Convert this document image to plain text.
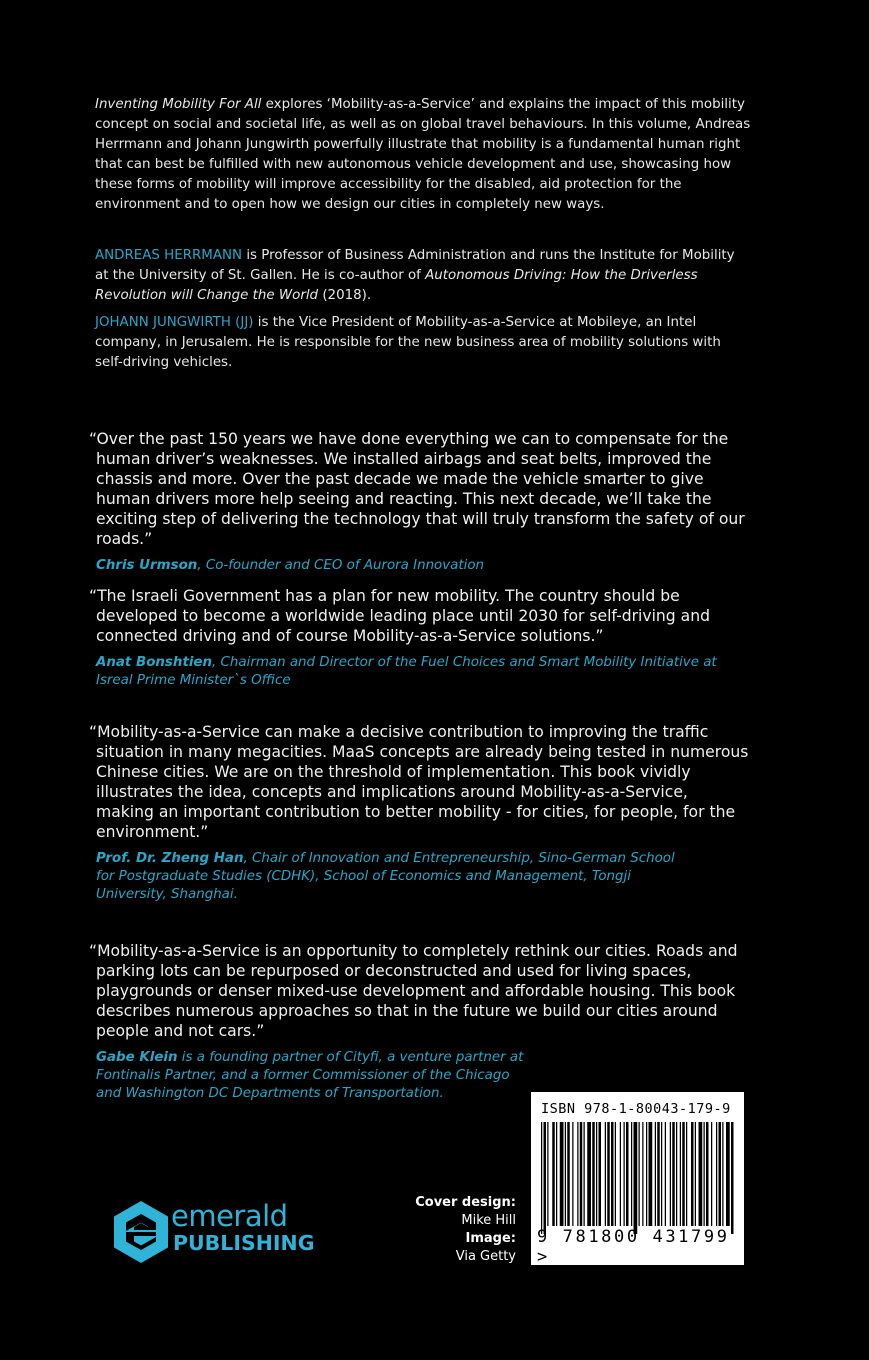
Inventing Mobility For All explores ‘Mobility-as-a-Service’ and explains the impact of this mobility concept on social and societal life, as well as on global travel behaviours. In this volume, Andreas Herrmann and Johann Jungwirth powerfully illustrate that mobility is a fundamental human right that can best be fulfilled with new autonomous vehicle development and use, showcasing how these forms of mobility will improve accessibility for the disabled, aid protection for the environment and to open how we design our cities in completely new ways.

ANDREAS HERRMANN is Professor of Business Administration and runs the Institute for Mobility at the University of St. Gallen. He is co-author of Autonomous Driving: How the Driverless Revolution will Change the World (2018).

JOHANN JUNGWIRTH (JJ) is the Vice President of Mobility-as-a-Service at Mobileye, an Intel company, in Jerusalem. He is responsible for the new business area of mobility solutions with self-driving vehicles.

“Over the past 150 years we have done everything we can to compensate for the human driver’s weaknesses. We installed airbags and seat belts, improved the chassis and more. Over the past decade we made the vehicle smarter to give human drivers more help seeing and reacting. This next decade, we’ll take the exciting step of delivering the technology that will truly transform the safety of our roads.”

Chris Urmson, Co-founder and CEO of Aurora Innovation

“The Israeli Government has a plan for new mobility. The country should be developed to become a worldwide leading place until 2030 for self-driving and connected driving and of course Mobility-as-a-Service solutions.”

Anat Bonshtien, Chairman and Director of the Fuel Choices and Smart Mobility Initiative at Isreal Prime Minister`s Office

“Mobility-as-a-Service can make a decisive contribution to improving the traffic situation in many megacities. MaaS concepts are already being tested in numerous Chinese cities. We are on the threshold of implementation. This book vividly illustrates the idea, concepts and implications around Mobility-as-a-Service, making an important contribution to better mobility - for cities, for people, for the environment.”

Prof. Dr. Zheng Han, Chair of Innovation and Entrepreneurship, Sino-German School for Postgraduate Studies (CDHK), School of Economics and Management, Tongji University, Shanghai.

“Mobility-as-a-Service is an opportunity to completely rethink our cities. Roads and parking lots can be repurposed or deconstructed and used for living spaces, playgrounds or denser mixed-use development and affordable housing. This book describes numerous approaches so that in the future we build our cities around people and not cars.”

Gabe Klein is a founding partner of Cityfi, a venture partner at Fontinalis Partner, and a former Commissioner of the Chicago and Washington DC Departments of Transportation.

emerald
PUBLISHING
Cover design:
Mike Hill
Image:
Via Getty
ISBN 978-1-80043-179-9
9 781800 431799 >
